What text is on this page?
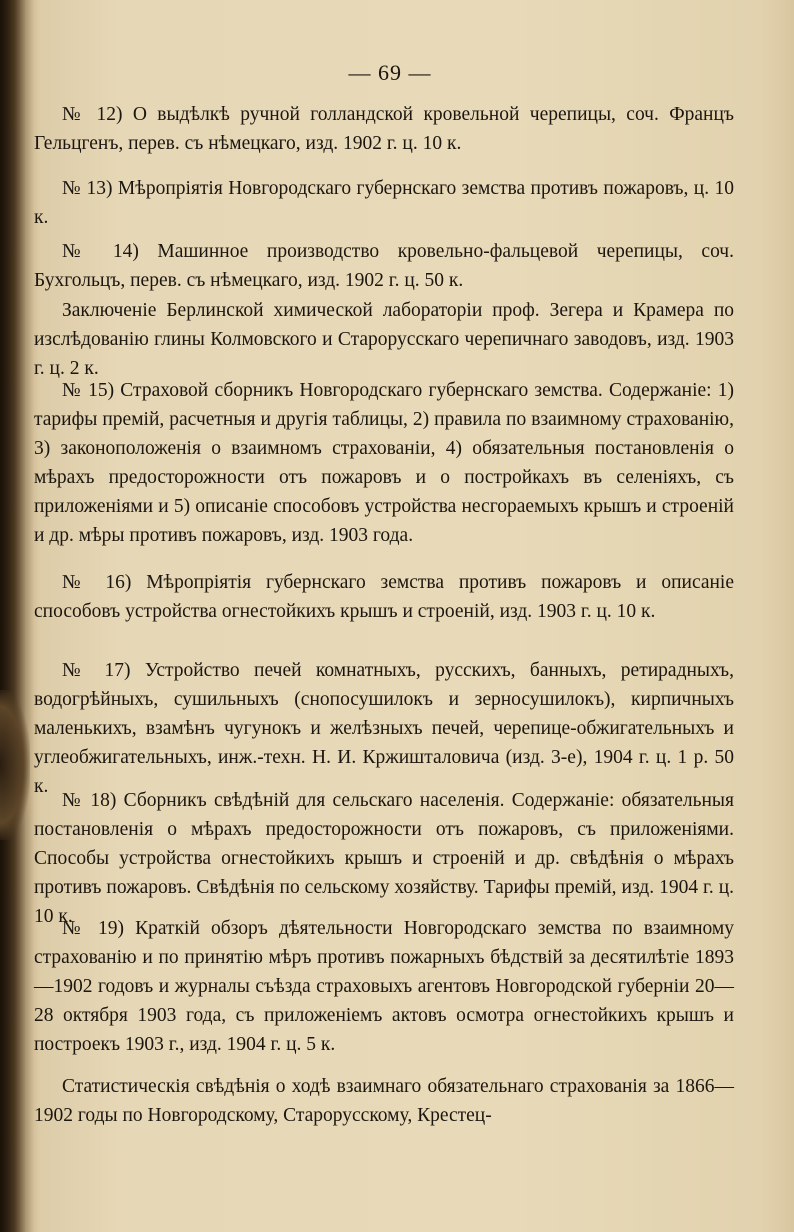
— 69 —

№ 12) О выдѣлкѣ ручной голландской кровельной черепицы, соч. Францъ Гельцгенъ, перев. съ нѣмецкаго, изд. 1902 г. ц. 10 к.

№ 13) Мѣропріятія Новгородскаго губернскаго земства противъ пожаровъ, ц. 10 к.

№ 14) Машинное производство кровельно-фальцевой черепицы, соч. Бухгольцъ, перев. съ нѣмецкаго, изд. 1902 г. ц. 50 к.

Заключеніе Берлинской химической лабораторіи проф. Зегера и Крамера по изслѣдованію глины Колмовского и Старорусскаго черепичнаго заводовъ, изд. 1903 г. ц. 2 к.

№ 15) Страховой сборникъ Новгородскаго губернскаго земства. Содержаніе: 1) тарифы премій, расчетныя и другія таблицы, 2) правила по взаимному страхованію, 3) законоположенія о взаимномъ страхованіи, 4) обязательныя постановленія о мѣрахъ предосторожности отъ пожаровъ и о постройкахъ въ селеніяхъ, съ приложеніями и 5) описаніе способовъ устройства несгораемыхъ крышъ и строеній и др. мѣры противъ пожаровъ, изд. 1903 года.

№ 16) Мѣропріятія губернскаго земства противъ пожаровъ и описаніе способовъ устройства огнестойкихъ крышъ и строеній, изд. 1903 г. ц. 10 к.

№ 17) Устройство печей комнатныхъ, русскихъ, банныхъ, ретирадныхъ, водогрѣйныхъ, сушильныхъ (снопосушилокъ и зерносушилокъ), кирпичныхъ маленькихъ, взамѣнъ чугунокъ и желѣзныхъ печей, черепице-обжигательныхъ и углеобжигательныхъ, инж.-техн. Н. И. Кржишталовича (изд. 3-е), 1904 г. ц. 1 р. 50 к.

№ 18) Сборникъ свѣдѣній для сельскаго населенія. Содержаніе: обязательныя постановленія о мѣрахъ предосторожности отъ пожаровъ, съ приложеніями. Способы устройства огнестойкихъ крышъ и строеній и др. свѣдѣнія о мѣрахъ противъ пожаровъ. Свѣдѣнія по сельскому хозяйству. Тарифы премій, изд. 1904 г. ц. 10 к.

№ 19) Краткій обзоръ дѣятельности Новгородскаго земства по взаимному страхованію и по принятію мѣръ противъ пожарныхъ бѣдствій за десятилѣтіе 1893—1902 годовъ и журналы съѣзда страховыхъ агентовъ Новгородской губерніи 20—28 октября 1903 года, съ приложеніемъ актовъ осмотра огнестойкихъ крышъ и построекъ 1903 г., изд. 1904 г. ц. 5 к.

Статистическія свѣдѣнія о ходѣ взаимнаго обязательнаго страхованія за 1866—1902 годы по Новгородскому, Старорусскому, Крестец-
